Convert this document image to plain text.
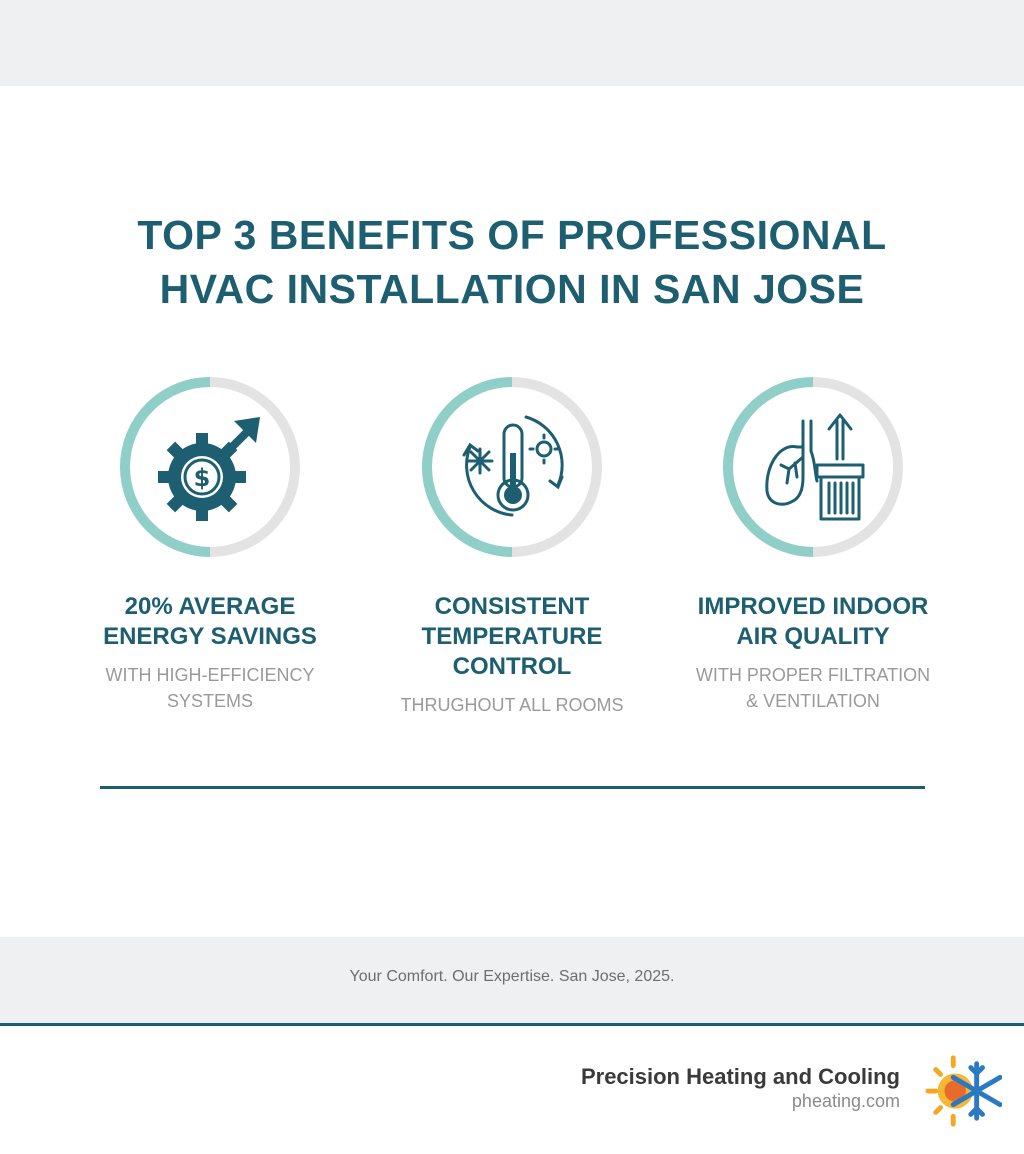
TOP 3 BENEFITS OF PROFESSIONAL
HVAC INSTALLATION IN SAN JOSE
$
20% AVERAGE
ENERGY SAVINGS
WITH HIGH-EFFICIENCY
SYSTEMS
CONSISTENT
TEMPERATURE
CONTROL
THRUGHOUT ALL ROOMS
IMPROVED INDOOR
AIR QUALITY
WITH PROPER FILTRATION
& VENTILATION
Your Comfort. Our Expertise. San Jose, 2025.
Precision Heating and Cooling
pheating.com
